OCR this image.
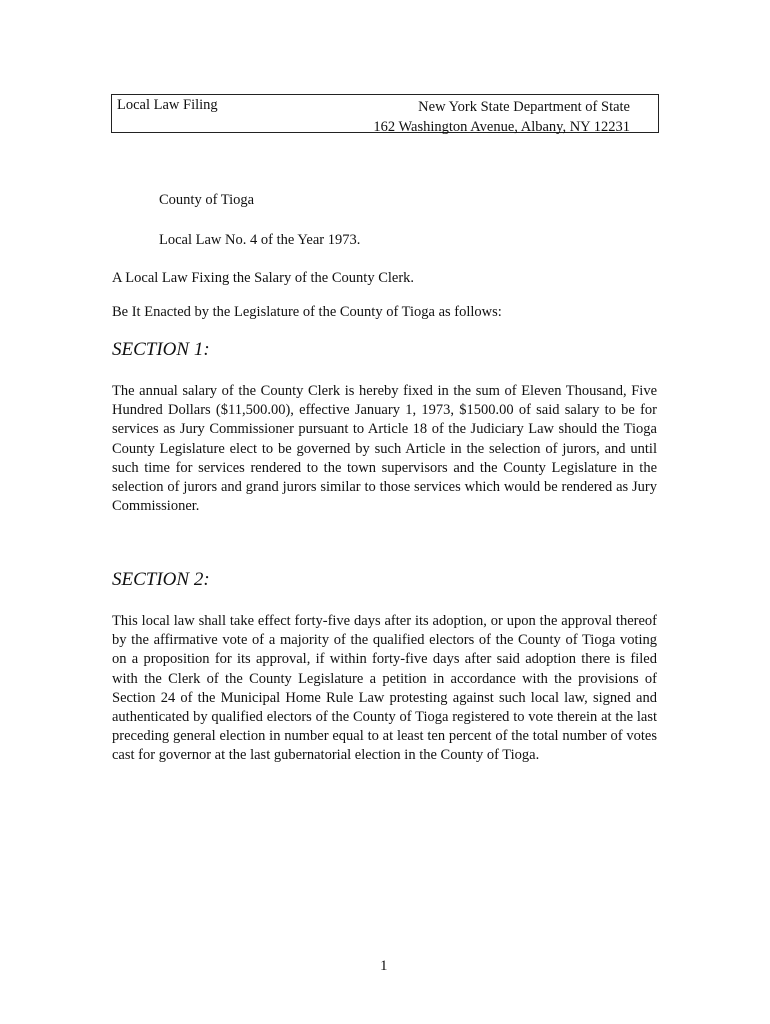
Local Law Filing	New York State Department of State
162 Washington Avenue, Albany, NY 12231
County of Tioga
Local Law No. 4 of the Year 1973.
A Local Law Fixing the Salary of the County Clerk.
Be It Enacted by the Legislature of the County of Tioga as follows:
SECTION 1:
The annual salary of the County Clerk is hereby fixed in the sum of Eleven Thousand, Five Hundred Dollars ($11,500.00), effective January 1, 1973, $1500.00 of said salary to be for services as Jury Commissioner pursuant to Article 18 of the Judiciary Law should the Tioga County Legislature elect to be governed by such Article in the selection of jurors, and until such time for services rendered to the town supervisors and the County Legislature in the selection of jurors and grand jurors similar to those services which would be rendered as Jury Commissioner.
SECTION 2:
This local law shall take effect forty-five days after its adoption, or upon the approval thereof by the affirmative vote of a majority of the qualified electors of the County of Tioga voting on a proposition for its approval, if within forty-five days after said adoption there is filed with the Clerk of the County Legislature a petition in accordance with the provisions of Section 24 of the Municipal Home Rule Law protesting against such local law, signed and authenticated by qualified electors of the County of Tioga registered to vote therein at the last preceding general election in number equal to at least ten percent of the total number of votes cast for governor at the last gubernatorial election in the County of Tioga.
1
